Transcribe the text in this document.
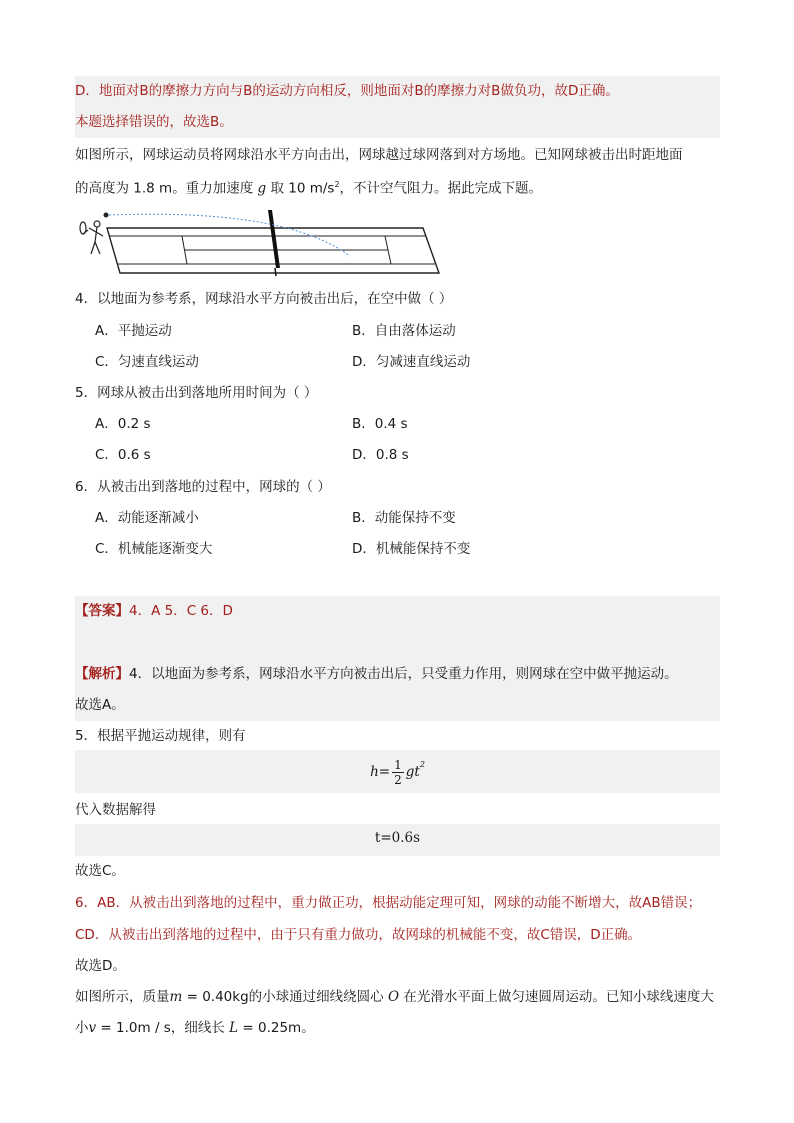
D．地面对B的摩擦力方向与B的运动方向相反，则地面对B的摩擦力对B做负功，故D正确。
本题选择错误的，故选B。
如图所示，网球运动员将网球沿水平方向击出，网球越过球网落到对方场地。已知网球被击出时距地面
的高度为 1.8 m。重力加速度 g 取 10 $m/s^2$，不计空气阻力。据此完成下题。
4．以地面为参考系，网球沿水平方向被击出后，在空中做（ ）
A．平抛运动	B．自由落体运动
C．匀速直线运动	D．匀减速直线运动
5．网球从被击出到落地所用时间为（ ）
A．0.2 s	B．0.4 s
C．0.6 s	D．0.8 s
6．从被击出到落地的过程中，网球的（ ）
A．动能逐渐减小	B．动能保持不变
C．机械能逐渐变大	D．机械能保持不变
【答案】4．A 5．C 6．D
【解析】4．以地面为参考系，网球沿水平方向被击出后，只受重力作用，则网球在空中做平抛运动。
故选A。
5．根据平抛运动规律，则有
$h = \frac{1}{2} gt^2$
代入数据解得
t=0.6s
故选C。
6．AB．从被击出到落地的过程中，重力做正功，根据动能定理可知，网球的动能不断增大，故AB错误；
CD．从被击出到落地的过程中，由于只有重力做功，故网球的机械能不变，故C错误，D正确。
故选D。
如图所示，质量m = 0.40kg的小球通过细线绕圆心 O 在光滑水平面上做匀速圆周运动。已知小球线速度大
小v = 1.0m / s，细线长 L = 0.25m。
